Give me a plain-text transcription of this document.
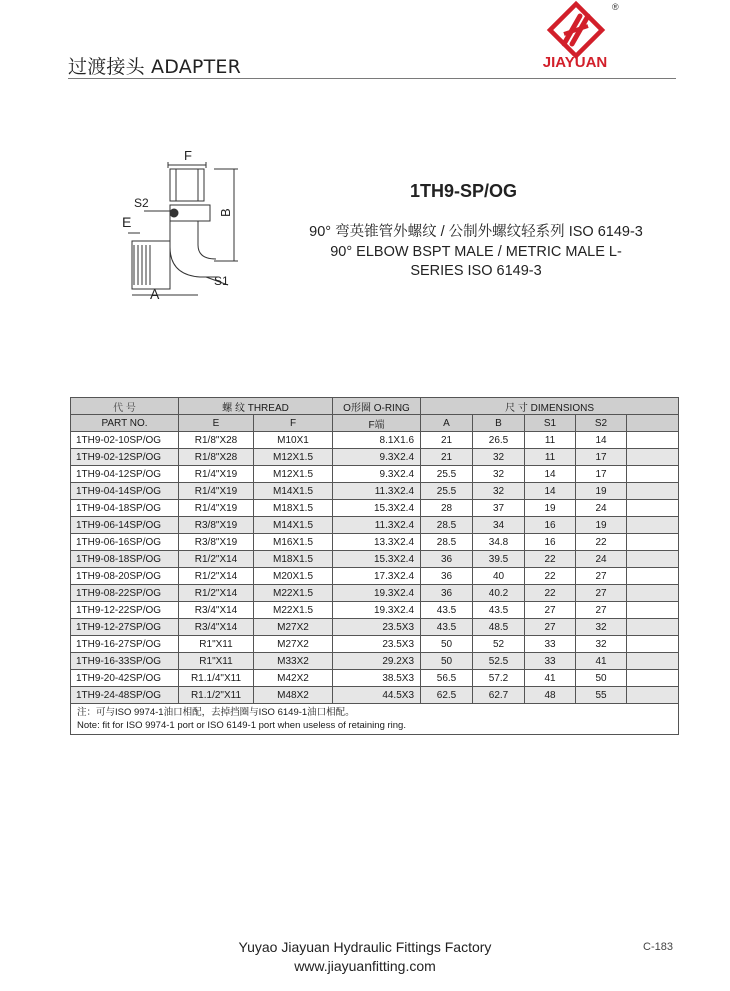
过渡接头 ADAPTER
®
JIAYUAN
F
B
S2
E
S1
A
1TH9-SP/OG
90° 弯英锥管外螺纹 / 公制外螺纹轻系列 ISO 6149-3
90° ELBOW BSPT MALE / METRIC MALE L-
SERIES ISO 6149-3
代 号	螺 纹 THREAD		O形圈 O-RING	尺 寸 DIMENSIONS				
PART NO.	E	F	F端	A	B	S1	S2	
1TH9-02-10SP/OG	R1/8"X28	M10X1	8.1X1.6	21	26.5	11	14	
1TH9-02-12SP/OG	R1/8"X28	M12X1.5	9.3X2.4	21	32	11	17	
1TH9-04-12SP/OG	R1/4"X19	M12X1.5	9.3X2.4	25.5	32	14	17	
1TH9-04-14SP/OG	R1/4"X19	M14X1.5	11.3X2.4	25.5	32	14	19	
1TH9-04-18SP/OG	R1/4"X19	M18X1.5	15.3X2.4	28	37	19	24	
1TH9-06-14SP/OG	R3/8"X19	M14X1.5	11.3X2.4	28.5	34	16	19	
1TH9-06-16SP/OG	R3/8"X19	M16X1.5	13.3X2.4	28.5	34.8	16	22	
1TH9-08-18SP/OG	R1/2"X14	M18X1.5	15.3X2.4	36	39.5	22	24	
1TH9-08-20SP/OG	R1/2"X14	M20X1.5	17.3X2.4	36	40	22	27	
1TH9-08-22SP/OG	R1/2"X14	M22X1.5	19.3X2.4	36	40.2	22	27	
1TH9-12-22SP/OG	R3/4"X14	M22X1.5	19.3X2.4	43.5	43.5	27	27	
1TH9-12-27SP/OG	R3/4"X14	M27X2	23.5X3	43.5	48.5	27	32	
1TH9-16-27SP/OG	R1"X11	M27X2	23.5X3	50	52	33	32	
1TH9-16-33SP/OG	R1"X11	M33X2	29.2X3	50	52.5	33	41	
1TH9-20-42SP/OG	R1.1/4"X11	M42X2	38.5X3	56.5	57.2	41	50	
1TH9-24-48SP/OG	R1.1/2"X11	M48X2	44.5X3	62.5	62.7	48	55	

注：可与ISO 9974-1油口相配，去掉挡圈与ISO 6149-1油口相配。
Note: fit for ISO 9974-1 port or ISO 6149-1 port when useless of retaining ring.								
Yuyao Jiayuan Hydraulic Fittings Factory
www.jiayuanfitting.com
C-183
